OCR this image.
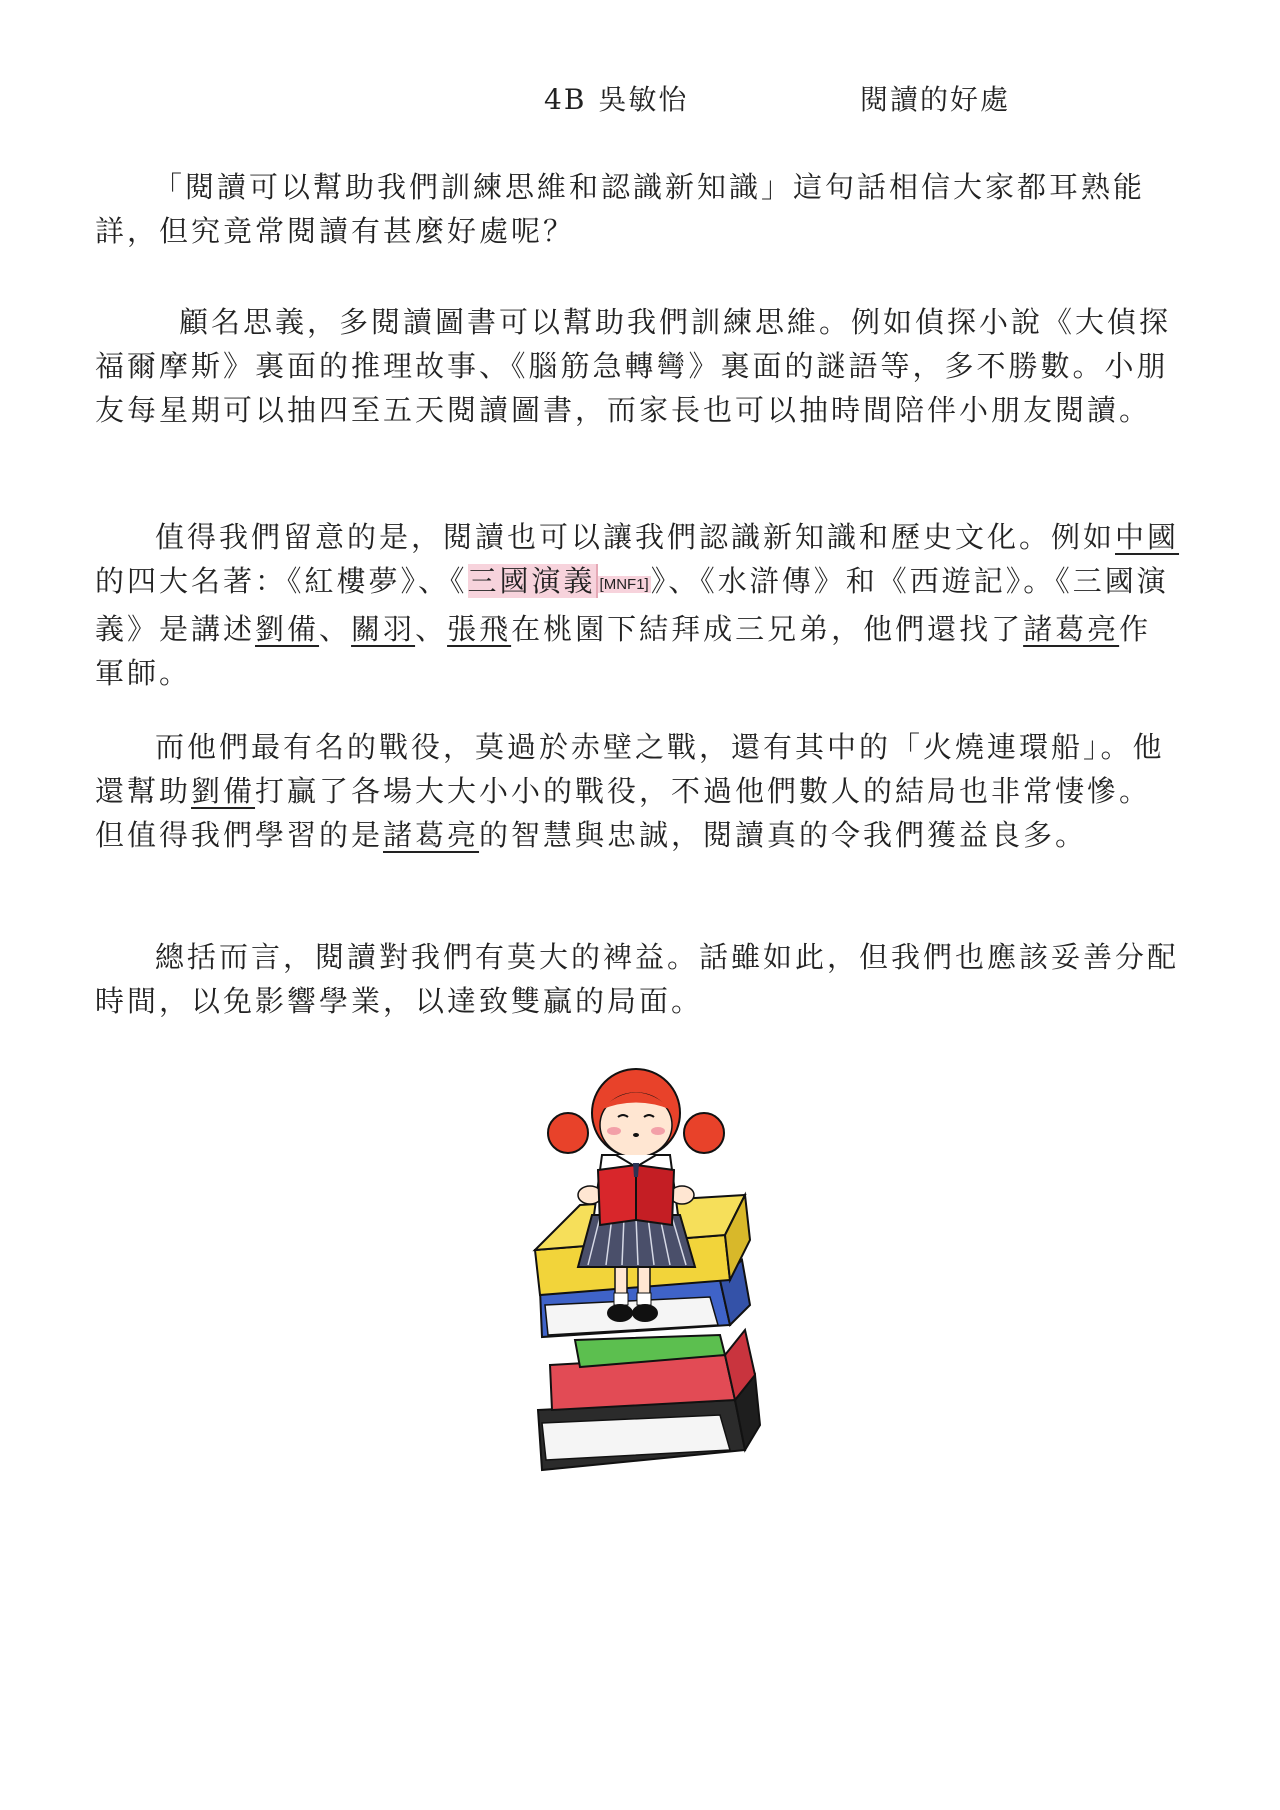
4B 吳敏怡	閱讀的好處

「閱讀可以幫助我們訓練思維和認識新知識」這句話相信大家都耳熟能詳，但究竟常閱讀有甚麼好處呢？

顧名思義，多閱讀圖書可以幫助我們訓練思維。例如偵探小說《大偵探福爾摩斯》裏面的推理故事、《腦筋急轉彎》裏面的謎語等，多不勝數。小朋友每星期可以抽四至五天閱讀圖書，而家長也可以抽時間陪伴小朋友閱讀。

值得我們留意的是，閱讀也可以讓我們認識新知識和歷史文化。例如中國的四大名著：《紅樓夢》、《三國演義 [MNF1]》、《水滸傳》和《西遊記》。《三國演義》是講述劉備、關羽、張飛在桃園下結拜成三兄弟，他們還找了諸葛亮作軍師。

而他們最有名的戰役，莫過於赤壁之戰，還有其中的「火燒連環船」。他還幫助劉備打贏了各場大大小小的戰役，不過他們數人的結局也非常悽慘。但值得我們學習的是諸葛亮的智慧與忠誠，閱讀真的令我們獲益良多。

總括而言，閱讀對我們有莫大的裨益。話雖如此，但我們也應該妥善分配時間，以免影響學業，以達致雙贏的局面。
